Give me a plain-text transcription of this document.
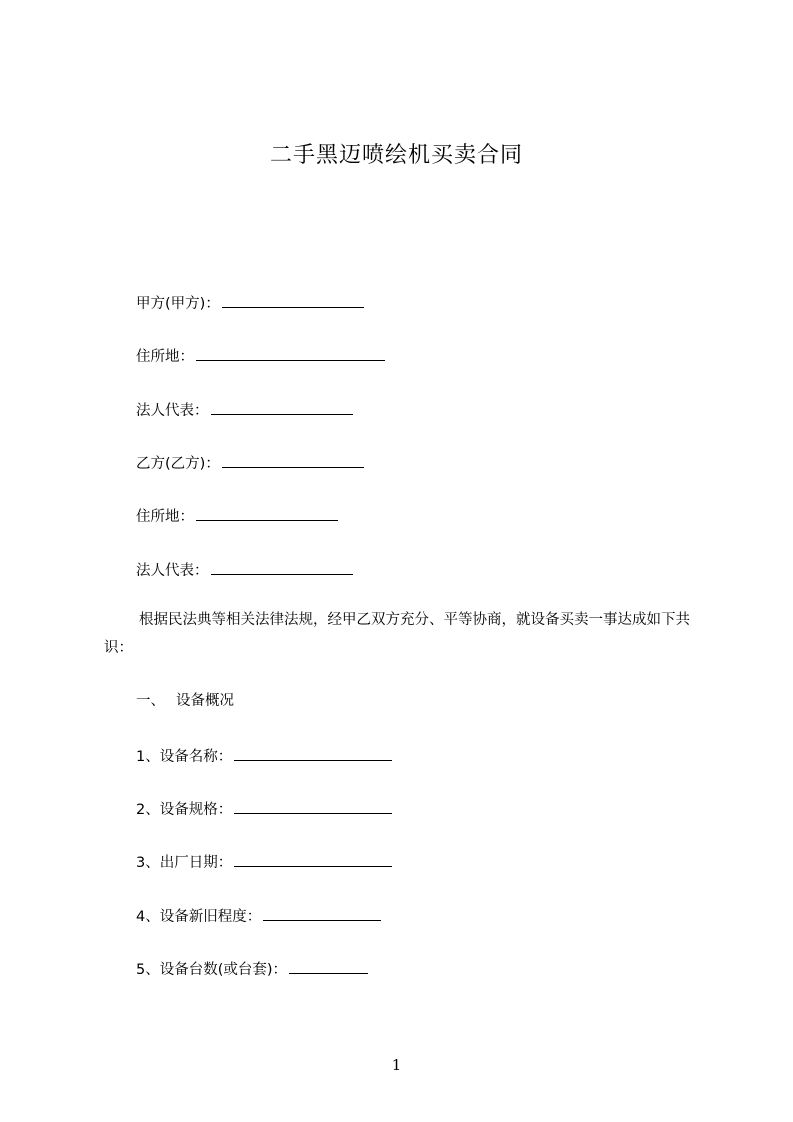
二手黑迈喷绘机买卖合同
甲方(甲方)：
住所地：
法人代表：
乙方(乙方)：
住所地：
法人代表：
根据民法典等相关法律法规，经甲乙双方充分、平等协商，就设备买卖一事达成如下共识：
一、 设备概况
1、设备名称：
2、设备规格：
3、出厂日期：
4、设备新旧程度：
5、设备台数(或台套)：
1
